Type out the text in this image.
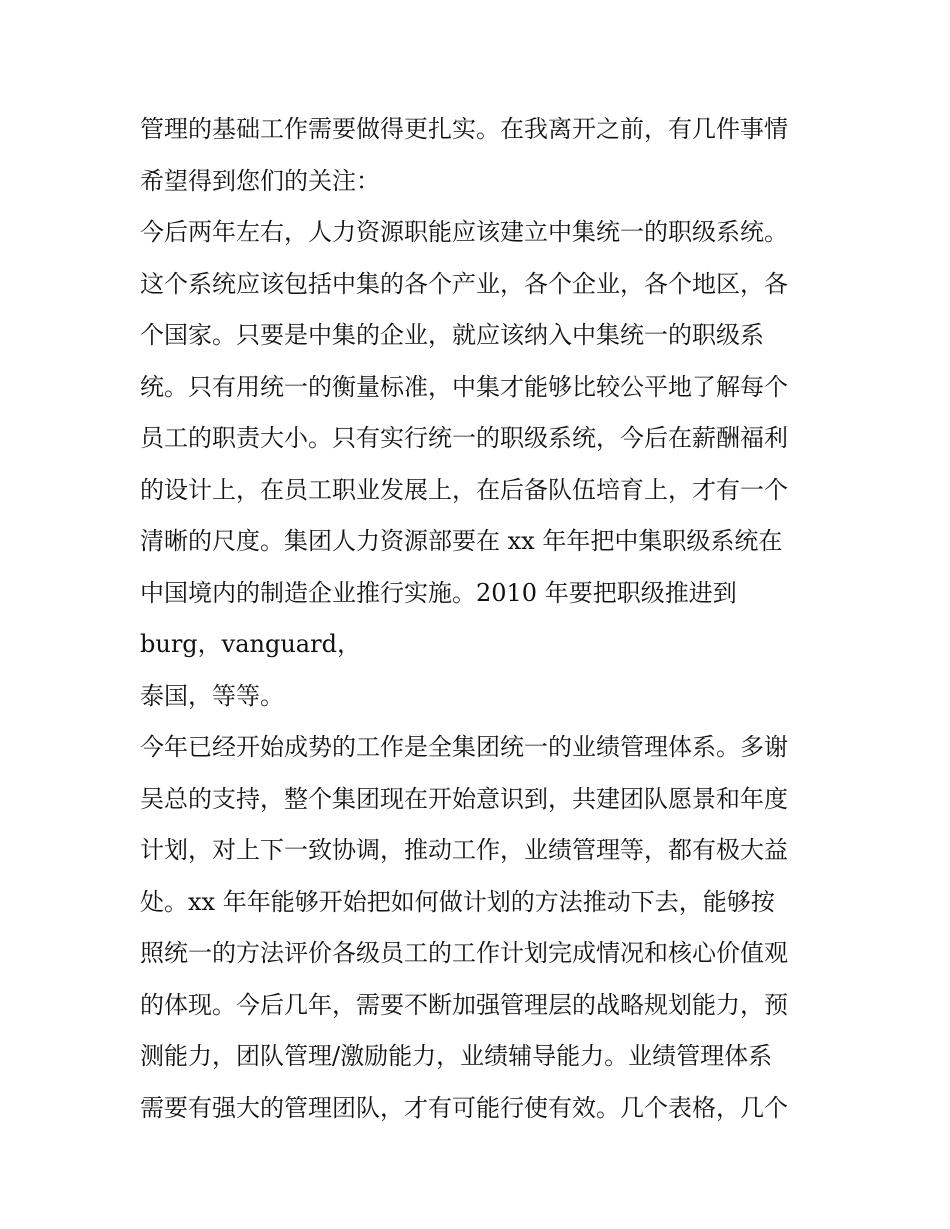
管理的基础工作需要做得更扎实。在我离开之前，有几件事情
希望得到您们的关注：
今后两年左右，人力资源职能应该建立中集统一的职级系统。
这个系统应该包括中集的各个产业，各个企业，各个地区，各
个国家。只要是中集的企业，就应该纳入中集统一的职级系
统。只有用统一的衡量标准，中集才能够比较公平地了解每个
员工的职责大小。只有实行统一的职级系统，今后在薪酬福利
的设计上，在员工职业发展上，在后备队伍培育上，才有一个
清晰的尺度。集团人力资源部要在 xx 年年把中集职级系统在
中国境内的制造企业推行实施。2010 年要把职级推进到
burg，vanguard，
泰国，等等。
今年已经开始成势的工作是全集团统一的业绩管理体系。多谢
吴总的支持，整个集团现在开始意识到，共建团队愿景和年度
计划，对上下一致协调，推动工作，业绩管理等，都有极大益
处。xx 年年能够开始把如何做计划的方法推动下去，能够按
照统一的方法评价各级员工的工作计划完成情况和核心价值观
的体现。今后几年，需要不断加强管理层的战略规划能力，预
测能力，团队管理/激励能力，业绩辅导能力。业绩管理体系
需要有强大的管理团队，才有可能行使有效。几个表格，几个
